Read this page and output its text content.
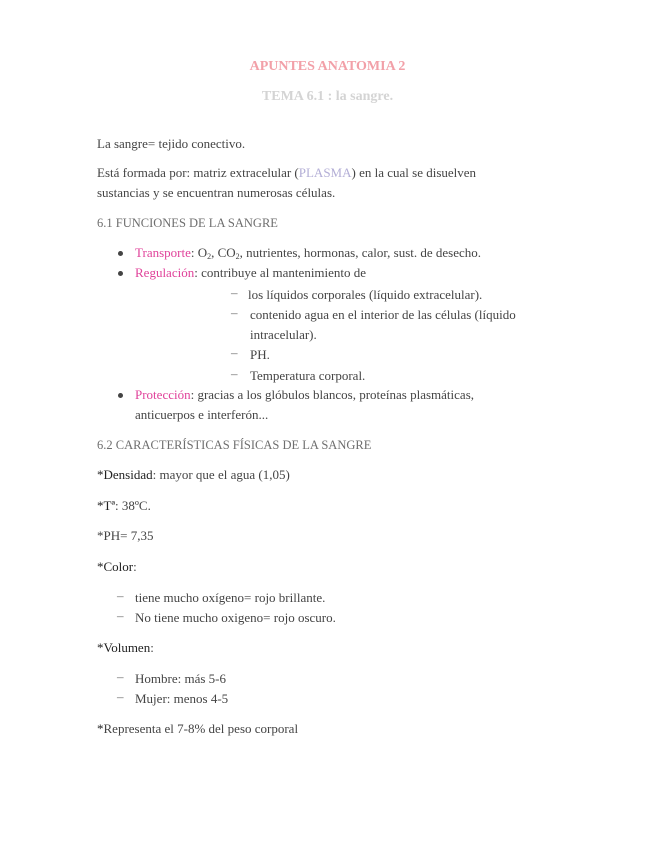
APUNTES ANATOMIA 2
TEMA 6.1 : la sangre.
La sangre= tejido conectivo.
Está formada por: matriz extracelular (PLASMA) en la cual se disuelven
sustancias y se encuentran numerosas células.
6.1 FUNCIONES DE LA SANGRE
Transporte: $O_2$, $CO_2$, nutrientes, hormonas, calor, sust. de desecho.
Regulación: contribuye al mantenimiento de
– los líquidos corporales (líquido extracelular).
– contenido agua en el interior de las células (líquido
intracelular).
– PH.
– Temperatura corporal.
Protección: gracias a los glóbulos blancos, proteínas plasmáticas,
anticuerpos e interferón...
6.2 CARACTERÍSTICAS FÍSICAS DE LA SANGRE
*Densidad: mayor que el agua (1,05)
*Tª: 38ºC.
*PH= 7,35
*Color:
– tiene mucho oxígeno= rojo brillante.
– No tiene mucho oxigeno= rojo oscuro.
*Volumen:
– Hombre: más 5-6
– Mujer: menos 4-5
*Representa el 7-8% del peso corporal
